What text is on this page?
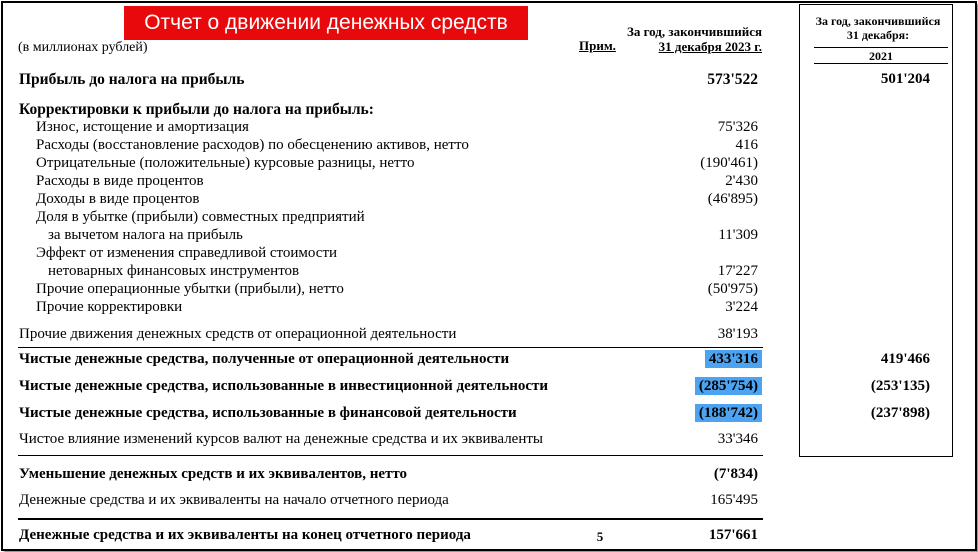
Отчет о движении денежных средств
(в миллионах рублей)	Прим.
За год, закончившийся
31 декабря 2023 г.
За год, закончившийся
31 декабря:
2021
Прибыль до налога на прибыль	573'522	501'204
Корректировки к прибыли до налога на прибыль:
Износ, истощение и амортизация	75'326
Расходы (восстановление расходов) по обесценению активов, нетто	416
Отрицательные (положительные) курсовые разницы, нетто	(190'461)
Расходы в виде процентов	2'430
Доходы в виде процентов	(46'895)
Доля в убытке (прибыли) совместных предприятий
за вычетом налога на прибыль	11'309
Эффект от изменения справедливой стоимости
нетоварных финансовых инструментов	17'227
Прочие операционные убытки (прибыли), нетто	(50'975)
Прочие корректировки	3'224
Прочие движения денежных средств от операционной деятельности	38'193
Чистые денежные средства, полученные от операционной деятельности	433'316	419'466
Чистые денежные средства, использованные в инвестиционной деятельности	(285'754)	(253'135)
Чистые денежные средства, использованные в финансовой деятельности	(188'742)	(237'898)
Чистое влияние изменений курсов валют на денежные средства и их эквиваленты	33'346
Уменьшение денежных средств и их эквивалентов, нетто	(7'834)
Денежные средства и их эквиваленты на начало отчетного периода	165'495
Денежные средства и их эквиваленты на конец отчетного периода	5	157'661
